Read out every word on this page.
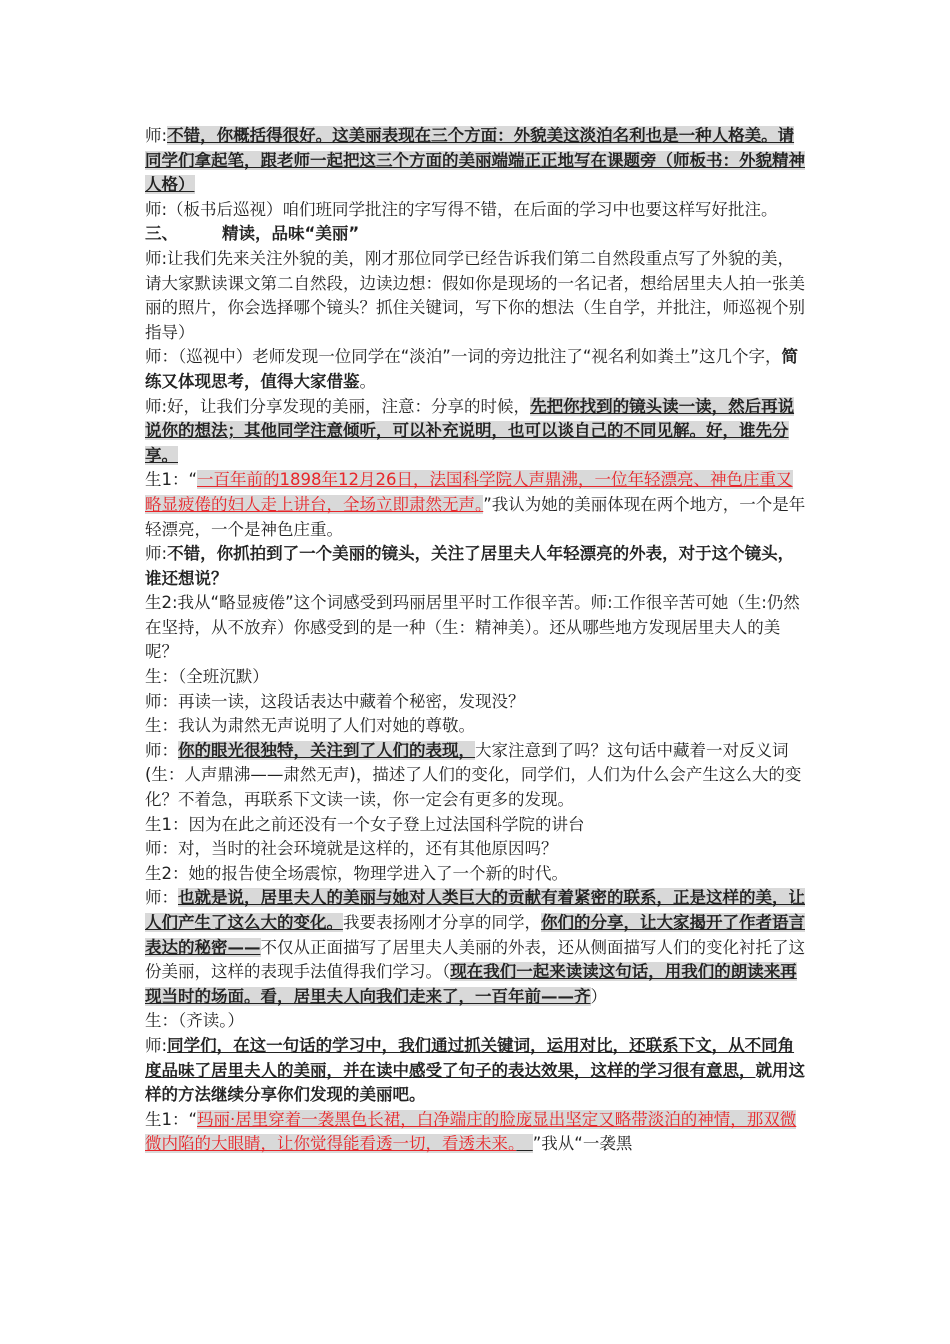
师:不错，你概括得很好。这美丽表现在三个方面：外貌美这淡泊名利也是一种人格美。请同学们拿起笔，跟老师一起把这三个方面的美丽端端正正地写在课题旁（师板书：外貌精神人格）
师:（板书后巡视）咱们班同学批注的字写得不错，在后面的学习中也要这样写好批注。
三、	精读，品味“美丽”
师:让我们先来关注外貌的美，刚才那位同学已经告诉我们第二自然段重点写了外貌的美，请大家默读课文第二自然段，边读边想：假如你是现场的一名记者，想给居里夫人拍一张美丽的照片，你会选择哪个镜头？抓住关键词，写下你的想法（生自学，并批注，师巡视个别指导）
师：（巡视中）老师发现一位同学在“淡泊”一词的旁边批注了“视名利如粪土”这几个字，简练又体现思考，值得大家借鉴。
师:好，让我们分享发现的美丽，注意：分享的时候，先把你找到的镜头读一读，然后再说说你的想法；其他同学注意倾听，可以补充说明，也可以谈自己的不同见解。好，谁先分享。
生1：“一百年前的1898年12月26日，法国科学院人声鼎沸，一位年轻漂亮、神色庄重又略显疲倦的妇人走上讲台，全场立即肃然无声。”我认为她的美丽体现在两个地方，一个是年轻漂亮，一个是神色庄重。
师:不错，你抓拍到了一个美丽的镜头，关注了居里夫人年轻漂亮的外表，对于这个镜头，谁还想说？
生2:我从“略显疲倦”这个词感受到玛丽居里平时工作很辛苦。师:工作很辛苦可她（生:仍然在坚持，从不放弃）你感受到的是一种（生：精神美）。还从哪些地方发现居里夫人的美呢？
生：（全班沉默）
师：再读一读，这段话表达中藏着个秘密，发现没？
生：我认为肃然无声说明了人们对她的尊敬。
师：你的眼光很独特，关注到了人们的表现，大家注意到了吗？这句话中藏着一对反义词(生：人声鼎沸——肃然无声)，描述了人们的变化，同学们，人们为什么会产生这么大的变化？不着急，再联系下文读一读，你一定会有更多的发现。
生1：因为在此之前还没有一个女子登上过法国科学院的讲台
师：对，当时的社会环境就是这样的，还有其他原因吗？
生2：她的报告使全场震惊，物理学进入了一个新的时代。
师：也就是说，居里夫人的美丽与她对人类巨大的贡献有着紧密的联系，正是这样的美，让人们产生了这么大的变化。我要表扬刚才分享的同学，你们的分享，让大家揭开了作者语言表达的秘密——不仅从正面描写了居里夫人美丽的外表，还从侧面描写人们的变化衬托了这份美丽，这样的表现手法值得我们学习。（现在我们一起来读读这句话，用我们的朗读来再现当时的场面。看，居里夫人向我们走来了，一百年前——齐）
生：（齐读。）
师:同学们，在这一句话的学习中，我们通过抓关键词，运用对比，还联系下文，从不同角度品味了居里夫人的美丽，并在读中感受了句子的表达效果，这样的学习很有意思，就用这样的方法继续分享你们发现的美丽吧。
生1：“玛丽·居里穿着一袭黑色长裙，白净端庄的脸庞显出坚定又略带淡泊的神情，那双微微内陷的大眼睛，让你觉得能看透一切，看透未来。　 ”我从“一袭黑
